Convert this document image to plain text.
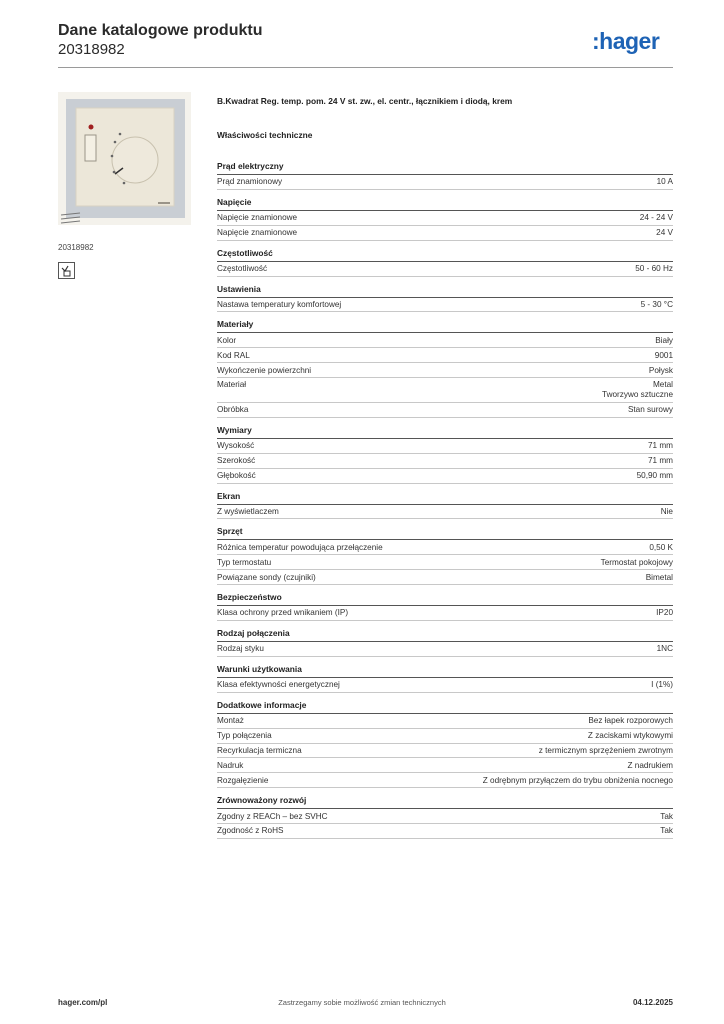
Dane katalogowe produktu
20318982	:hager
20318982
B.Kwadrat Reg. temp. pom. 24 V st. zw., el. centr., łącznikiem i diodą, krem
Właściwości techniczne
Prąd elektryczny
Prąd znamionowy	10 A
Napięcie
Napięcie znamionowe	24 - 24 V
Napięcie znamionowe	24 V
Częstotliwość
Częstotliwość	50 - 60 Hz
Ustawienia
Nastawa temperatury komfortowej	5 - 30 °C
Materiały
Kolor	Biały
Kod RAL	9001
Wykończenie powierzchni	Połysk
Materiał	Metal
Tworzywo sztuczne
Obróbka	Stan surowy
Wymiary
Wysokość	71 mm
Szerokość	71 mm
Głębokość	50,90 mm
Ekran
Z wyświetlaczem	Nie
Sprzęt
Różnica temperatur powodująca przełączenie	0,50 K
Typ termostatu	Termostat pokojowy
Powiązane sondy (czujniki)	Bimetal
Bezpieczeństwo
Klasa ochrony przed wnikaniem (IP)	IP20
Rodzaj połączenia
Rodzaj styku	1NC
Warunki użytkowania
Klasa efektywności energetycznej	I (1%)
Dodatkowe informacje
Montaż	Bez łapek rozporowych
Typ połączenia	Z zaciskami wtykowymi
Recyrkulacja termiczna	z termicznym sprzężeniem zwrotnym
Nadruk	Z nadrukiem
Rozgałęzienie	Z odrębnym przyłączem do trybu obniżenia nocnego
Zrównoważony rozwój
Zgodny z REACh – bez SVHC	Tak
Zgodność z RoHS	Tak
hager.com/pl	Zastrzegamy sobie możliwość zmian technicznych	04.12.2025
